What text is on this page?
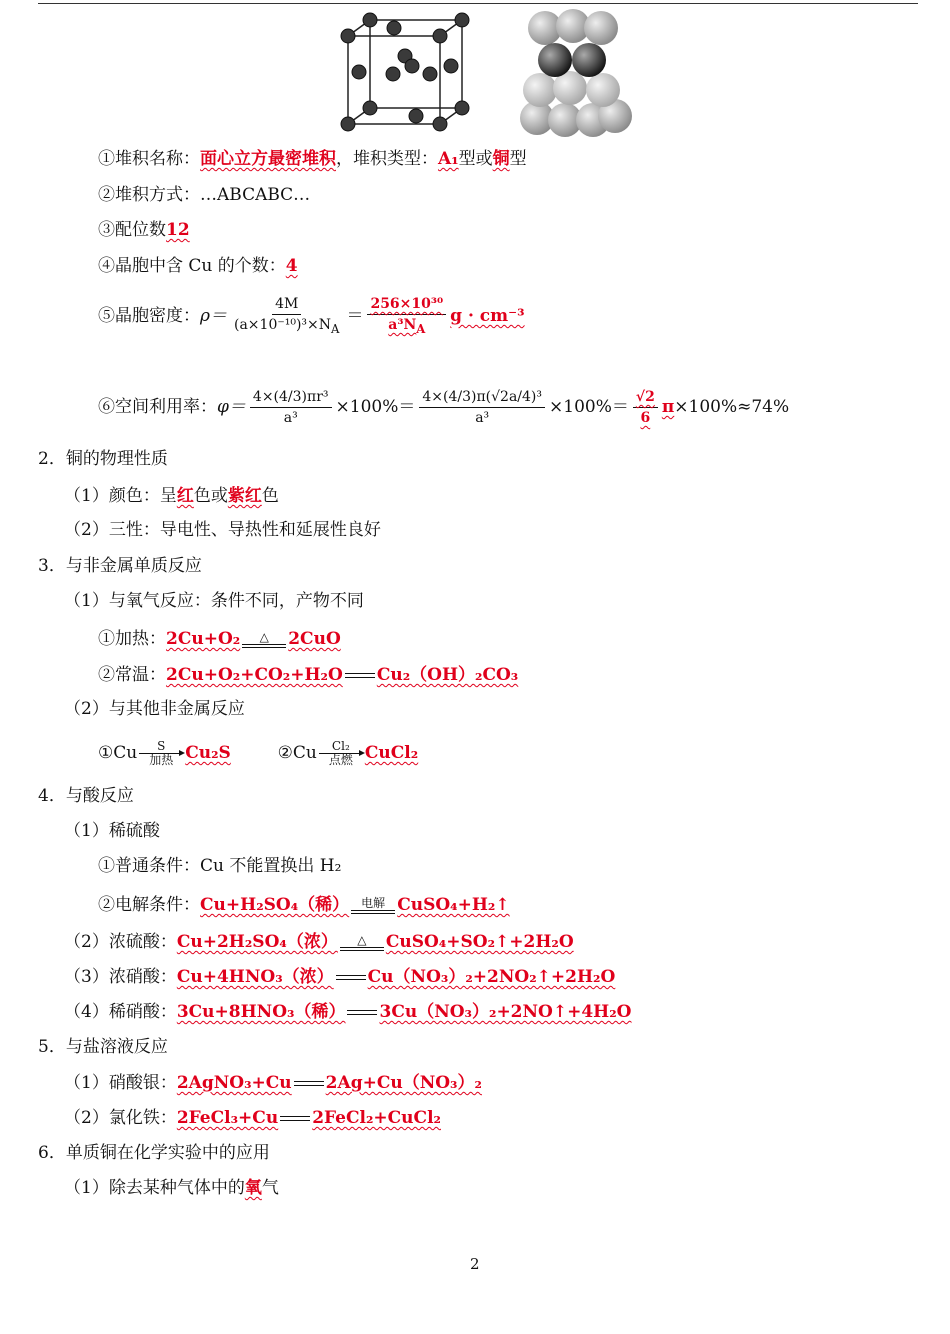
①堆积名称：面心立方最密堆积，堆积类型：A₁型或铜型
②堆积方式：…ABCABC…
③配位数12
④晶胞中含 Cu 的个数：4
⑤晶胞密度：$\rho= \frac{4M}{(a\times 10^{-10})^3\times N_A} = \frac{\text{256×10³⁰}}{a^3N_A}$ g · cm⁻³
⑥空间利用率：$\varphi= \frac{\text{4×(4/3)πr³}}{\text{a³}} \times 100\%= \frac{\text{4×(4/3)π(√2a/4)³}}{\text{a³}} \times 100\%= \frac{√2}{6} \pi\times 100\%\approx 74\%$
2．铜的物理性质
（1）颜色：呈红色或紫红色
（2）三性：导电性、导热性和延展性良好
3．与非金属单质反应
（1）与氧气反应：条件不同，产物不同
①加热：2Cu+O₂ △ 2CuO
②常温：2Cu+O₂+CO₂+H₂O Cu₂（OH）₂CO₃
（2）与其他非金属反应
①Cu S
加热 Cu₂S	②Cu Cl₂
点燃 CuCl₂
4．与酸反应
（1）稀硫酸
①普通条件：Cu 不能置换出 H₂
②电解条件：Cu+H₂SO₄（稀） 电解 CuSO₄+H₂↑
（2）浓硫酸：Cu+2H₂SO₄（浓） △ CuSO₄+SO₂↑+2H₂O
（3）浓硝酸：Cu+4HNO₃（浓） Cu（NO₃）₂+2NO₂↑+2H₂O
（4）稀硝酸：3Cu+8HNO₃（稀） 3Cu（NO₃）₂+2NO↑+4H₂O
5．与盐溶液反应
（1）硝酸银：2AgNO₃+Cu 2Ag+Cu（NO₃）₂
（2）氯化铁：2FeCl₃+Cu 2FeCl₂+CuCl₂
6．单质铜在化学实验中的应用
（1）除去某种气体中的氧气
2
